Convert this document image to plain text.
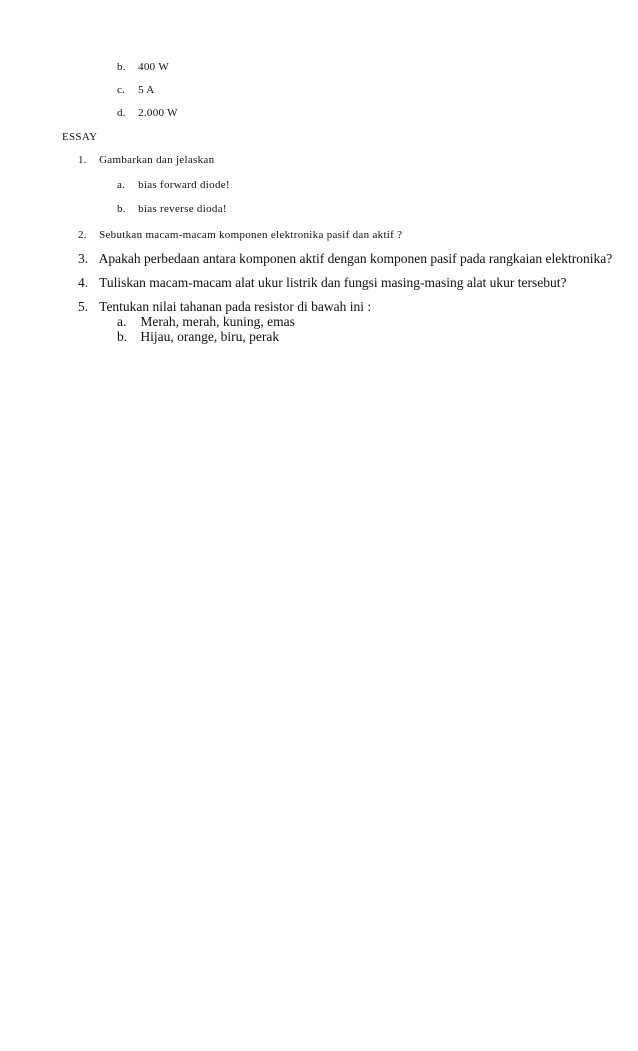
b. 400 W
c. 5 A
d. 2.000 W
ESSAY
1. Gambarkan dan jelaskan
a. bias forward diode!
b. bias reverse dioda!
2. Sebutkan macam-macam komponen elektronika pasif dan aktif ?
3. Apakah perbedaan antara komponen aktif dengan komponen pasif pada rangkaian elektronika?
4. Tuliskan macam-macam alat ukur listrik dan fungsi masing-masing alat ukur tersebut?
5. Tentukan nilai tahanan pada resistor di bawah ini :
a. Merah, merah, kuning, emas
b. Hijau, orange, biru, perak
